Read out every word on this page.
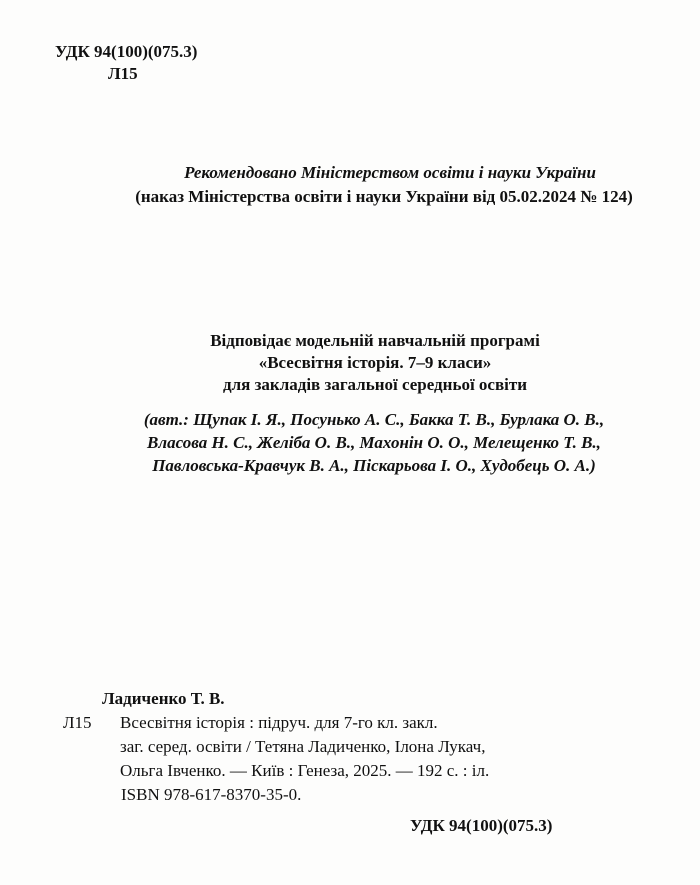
УДК 94(100)(075.3)
Л15
Рекомендовано Міністерством освіти і науки України
(наказ Міністерства освіти і науки України від 05.02.2024 № 124)
Відповідає модельній навчальній програмі
«Всесвітня історія. 7–9 класи»
для закладів загальної середньої освіти
(авт.: Щупак І. Я., Посунько А. С., Бакка Т. В., Бурлака О. В.,
Власова Н. С., Желіба О. В., Махонін О. О., Мелещенко Т. В.,
Павловська-Кравчук В. А., Піскарьова І. О., Худобець О. А.)
Ладиченко Т. В.
Л15	Всесвітня історія : підруч. для 7-го кл. закл.
заг. серед. освіти / Тетяна Ладиченко, Ілона Лукач,
Ольга Івченко. — Київ : Генеза, 2025. — 192 с. : іл.
ISBN 978-617-8370-35-0.
УДК 94(100)(075.3)
